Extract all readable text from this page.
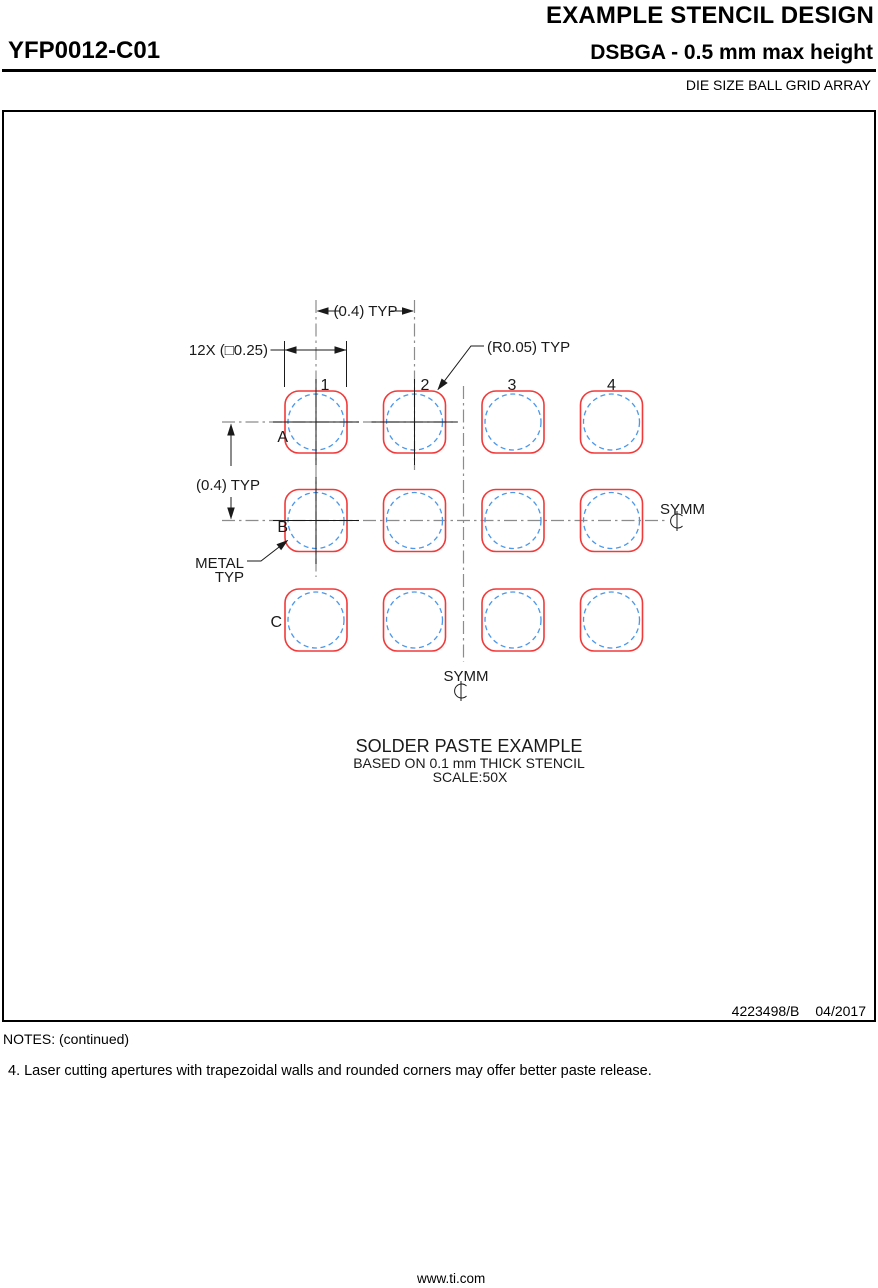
EXAMPLE STENCIL DESIGN
YFP0012-C01	DSBGA - 0.5 mm max height
DIE SIZE BALL GRID ARRAY
(0.4) TYP
12X (□0.25)	(R0.05) TYP
(0.4) TYP
METAL
TYP
SYMM
SYMM
1	2	3	4
A
B
C
SOLDER PASTE EXAMPLE
BASED ON 0.1 mm THICK STENCIL
SCALE:50X
4223498/B 04/2017
NOTES: (continued)
4. Laser cutting apertures with trapezoidal walls and rounded corners may offer better paste release.
www.ti.com
